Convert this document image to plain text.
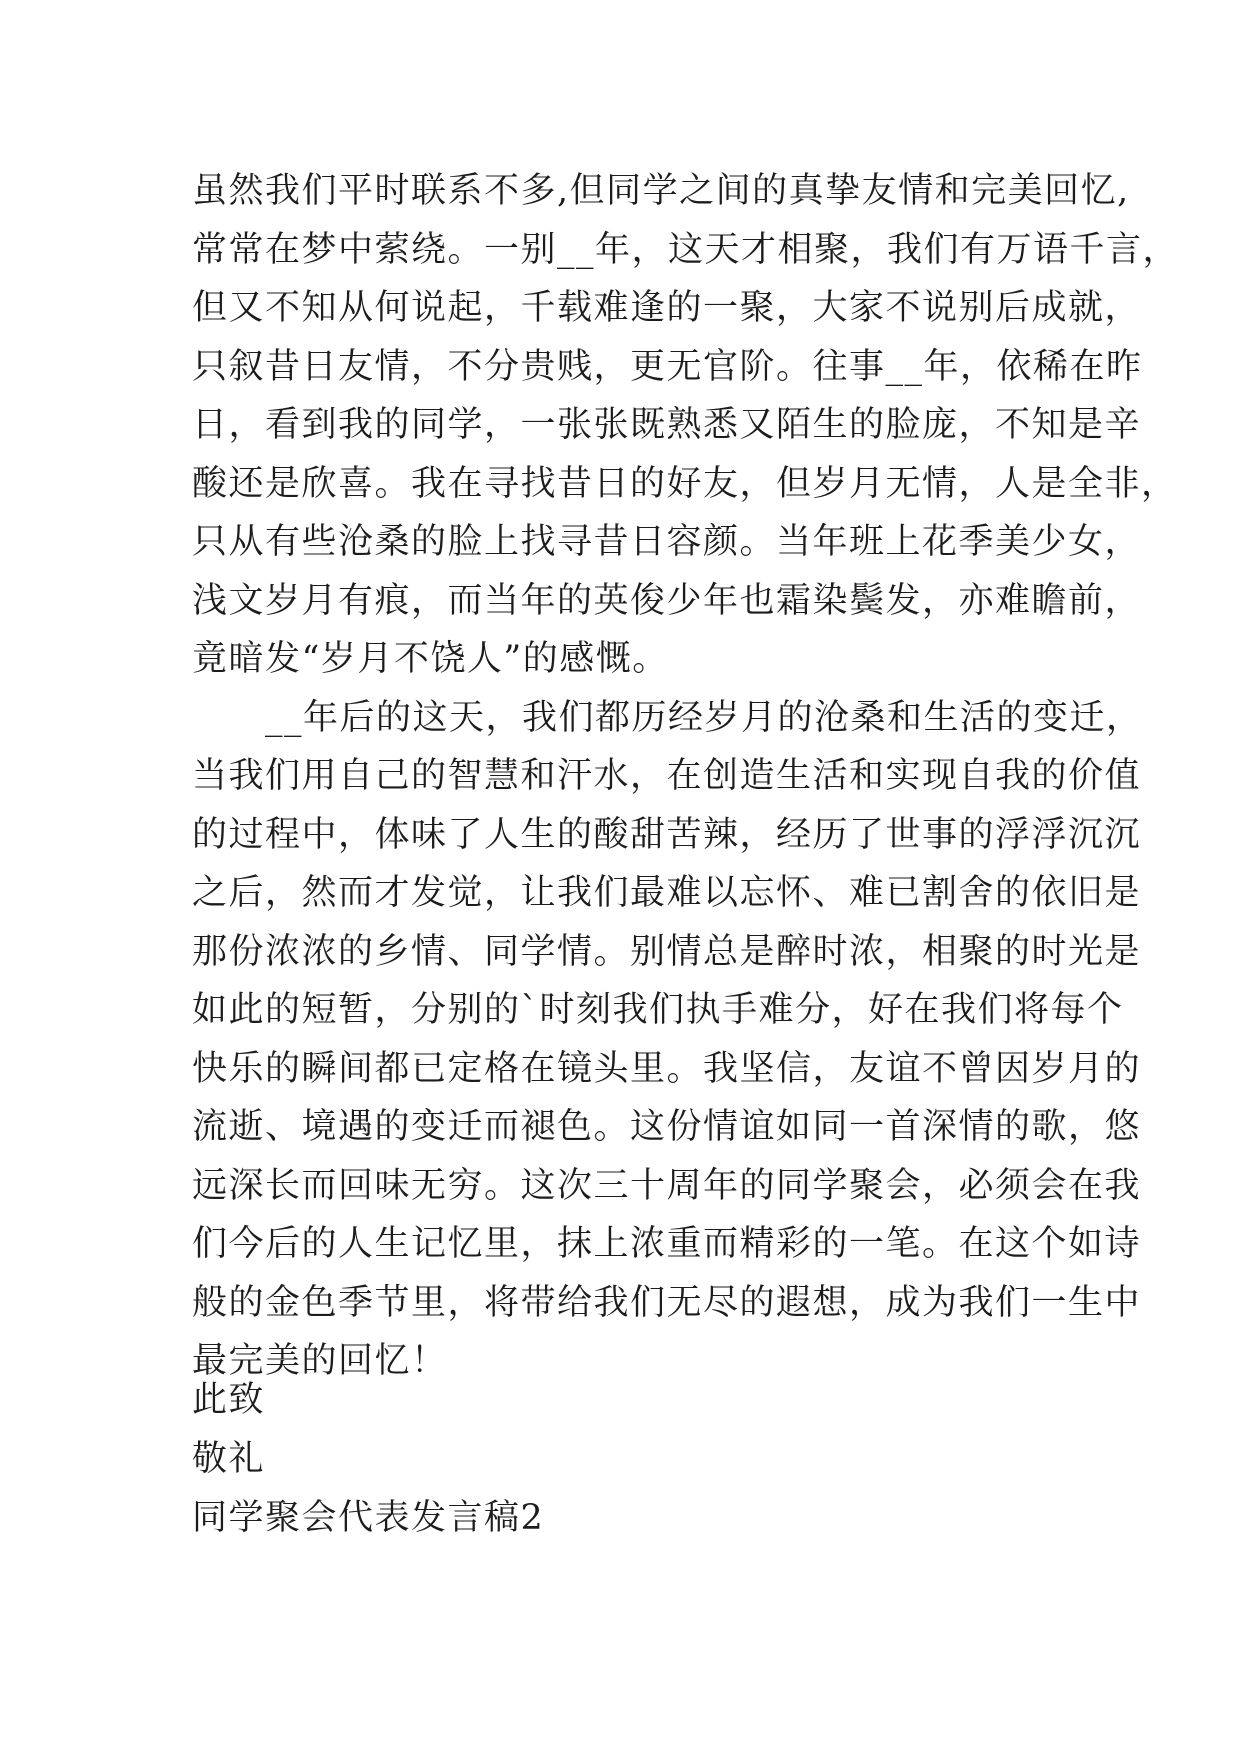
虽然我们平时联系不多,但同学之间的真挚友情和完美回忆,
常常在梦中萦绕。一别__年，这天才相聚，我们有万语千言，
但又不知从何说起，千载难逢的一聚，大家不说别后成就，
只叙昔日友情，不分贵贱，更无官阶。往事__年，依稀在昨
日，看到我的同学，一张张既熟悉又陌生的脸庞，不知是辛
酸还是欣喜。我在寻找昔日的好友，但岁月无情，人是全非，
只从有些沧桑的脸上找寻昔日容颜。当年班上花季美少女，
浅文岁月有痕，而当年的英俊少年也霜染鬓发，亦难瞻前，
竟暗发“岁月不饶人”的感慨。
　　__年后的这天，我们都历经岁月的沧桑和生活的变迁，
当我们用自己的智慧和汗水，在创造生活和实现自我的价值
的过程中，体味了人生的酸甜苦辣，经历了世事的浮浮沉沉
之后，然而才发觉，让我们最难以忘怀、难已割舍的依旧是
那份浓浓的乡情、同学情。别情总是醉时浓，相聚的时光是
如此的短暂，分别的`时刻我们执手难分，好在我们将每个
快乐的瞬间都已定格在镜头里。我坚信，友谊不曾因岁月的
流逝、境遇的变迁而褪色。这份情谊如同一首深情的歌，悠
远深长而回味无穷。这次三十周年的同学聚会，必须会在我
们今后的人生记忆里，抹上浓重而精彩的一笔。在这个如诗
般的金色季节里，将带给我们无尽的遐想，成为我们一生中
最完美的回忆！
此致
敬礼
同学聚会代表发言稿2
